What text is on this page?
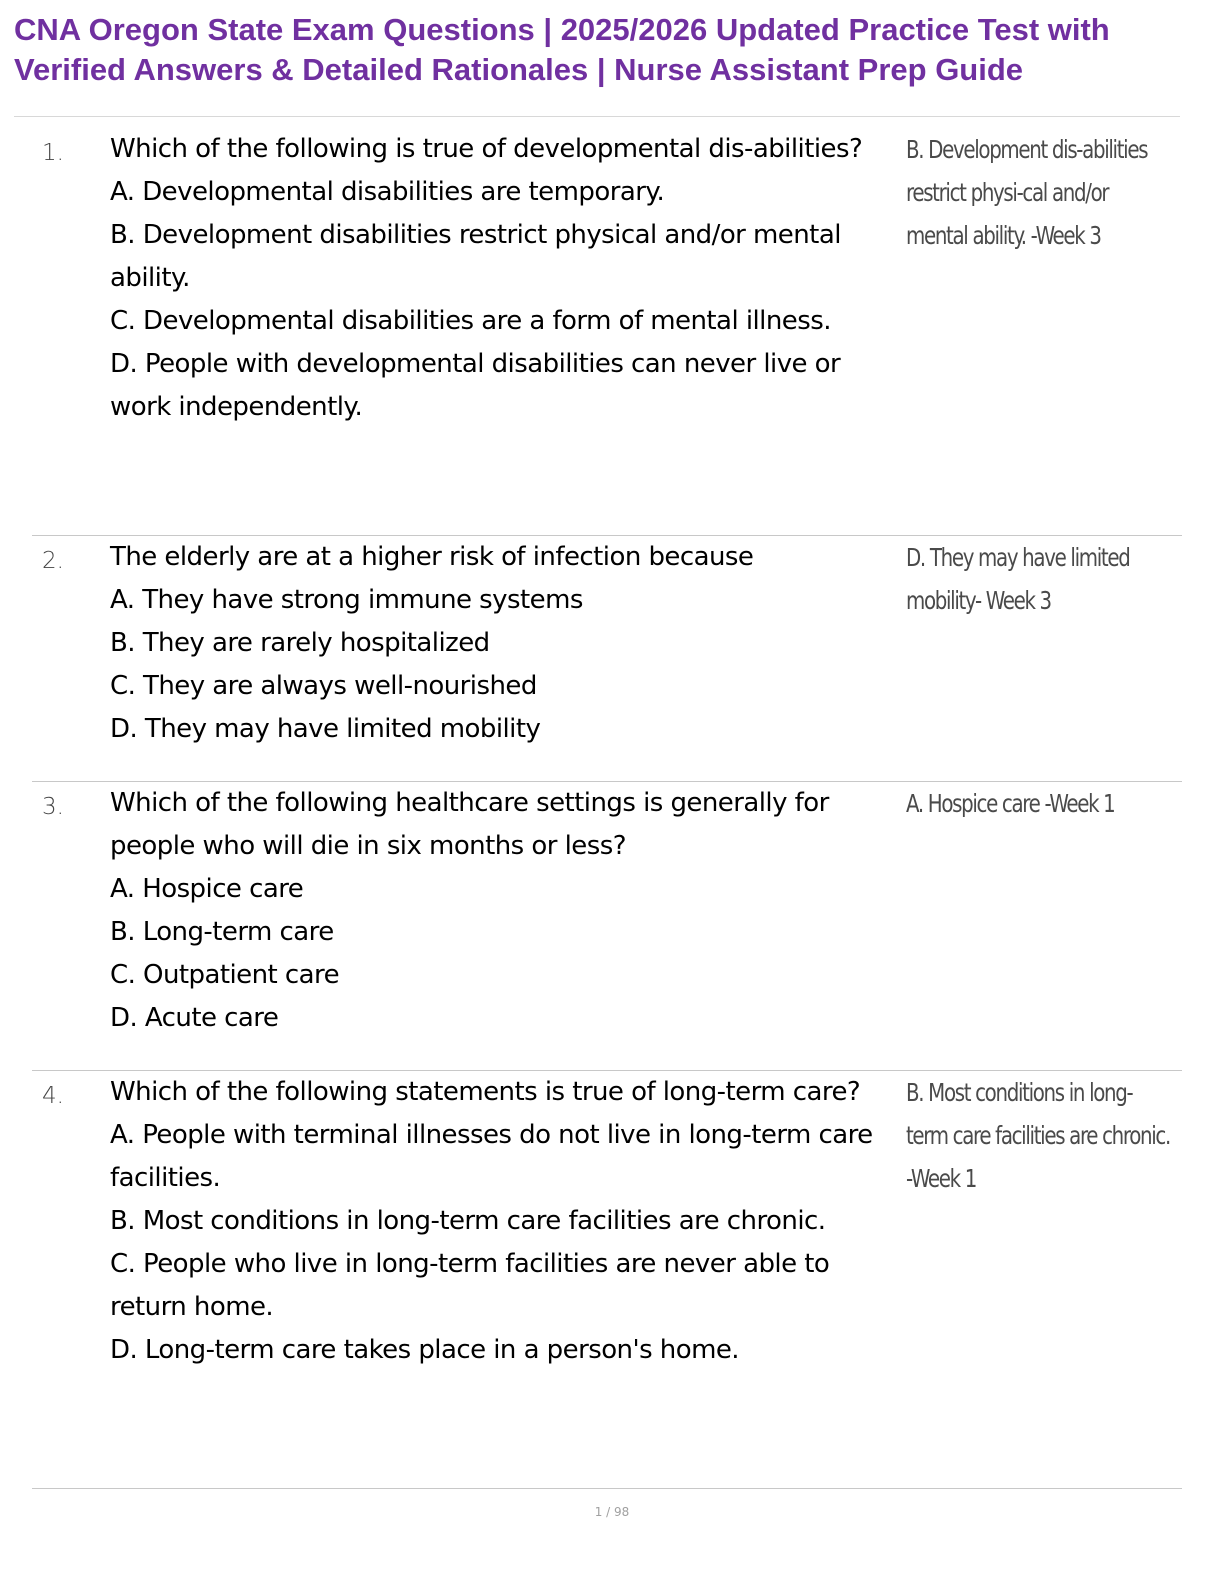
CNA Oregon State Exam Questions | 2025/2026 Updated Practice Test with Verified Answers & Detailed Rationales | Nurse Assistant Prep Guide
1. Which of the following is true of developmental dis-abilities?

A. Developmental disabilities are temporary.

B. Development disabilities restrict physical and/or mental ability.

C. Developmental disabilities are a form of mental illness.

D. People with developmental disabilities can never live or work independently.

B. Development dis-abilities restrict physi-cal and/or mental ability. -Week 3
2. The elderly are at a higher risk of infection because

A. They have strong immune systems

B. They are rarely hospitalized

C. They are always well-nourished

D. They may have limited mobility

D. They may have limited mobility- Week 3
3. Which of the following healthcare settings is generally for people who will die in six months or less?

A. Hospice care

B. Long-term care

C. Outpatient care

D. Acute care

A. Hospice care -Week 1
4. Which of the following statements is true of long-term care?

A. People with terminal illnesses do not live in long-term care facilities.

B. Most conditions in long-term care facilities are chronic.

C. People who live in long-term facilities are never able to return home.

D. Long-term care takes place in a person's home.

B. Most conditions in long-term care facilities are chronic. -Week 1
1 / 98
